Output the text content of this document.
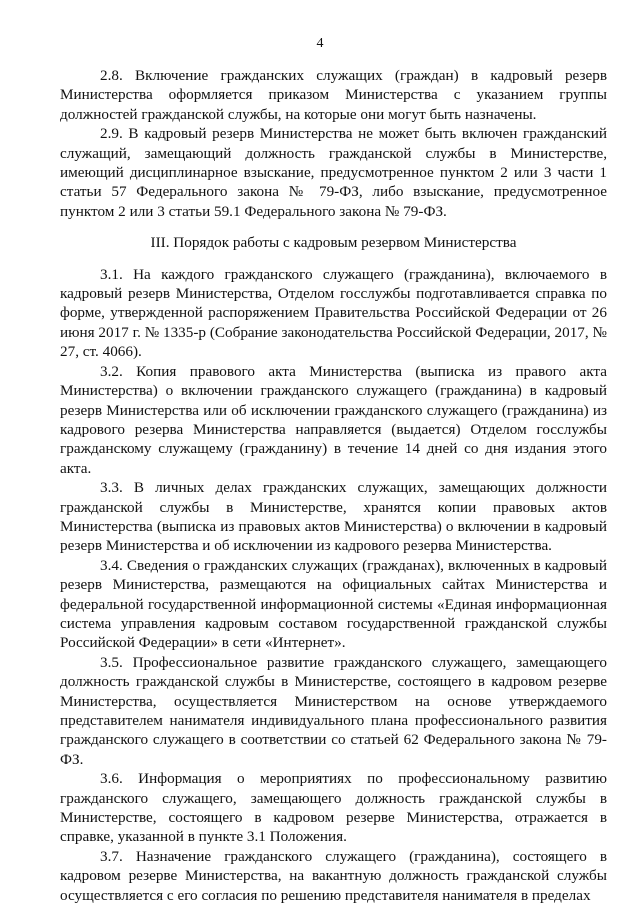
4

2.8. Включение гражданских служащих (граждан) в кадровый резерв Министерства оформляется приказом Министерства с указанием группы должностей гражданской службы, на которые они могут быть назначены.

2.9. В кадровый резерв Министерства не может быть включен гражданский служащий, замещающий должность гражданской службы в Министерстве, имеющий дисциплинарное взыскание, предусмотренное пунктом 2 или 3 части 1 статьи 57 Федерального закона № 79-ФЗ, либо взыскание, предусмотренное пунктом 2 или 3 статьи 59.1 Федерального закона № 79-ФЗ.

III. Порядок работы с кадровым резервом Министерства

3.1. На каждого гражданского служащего (гражданина), включаемого в кадровый резерв Министерства, Отделом госслужбы подготавливается справка по форме, утвержденной распоряжением Правительства Российской Федерации от 26 июня 2017 г. № 1335-р (Собрание законодательства Российской Федерации, 2017, № 27, ст. 4066).

3.2. Копия правового акта Министерства (выписка из правого акта Министерства) о включении гражданского служащего (гражданина) в кадровый резерв Министерства или об исключении гражданского служащего (гражданина) из кадрового резерва Министерства направляется (выдается) Отделом госслужбы гражданскому служащему (гражданину) в течение 14 дней со дня издания этого акта.

3.3. В личных делах гражданских служащих, замещающих должности гражданской службы в Министерстве, хранятся копии правовых актов Министерства (выписка из правовых актов Министерства) о включении в кадровый резерв Министерства и об исключении из кадрового резерва Министерства.

3.4. Сведения о гражданских служащих (гражданах), включенных в кадровый резерв Министерства, размещаются на официальных сайтах Министерства и федеральной государственной информационной системы «Единая информационная система управления кадровым составом государственной гражданской службы Российской Федерации» в сети «Интернет».

3.5. Профессиональное развитие гражданского служащего, замещающего должность гражданской службы в Министерстве, состоящего в кадровом резерве Министерства, осуществляется Министерством на основе утверждаемого представителем нанимателя индивидуального плана профессионального развития гражданского служащего в соответствии со статьей 62 Федерального закона № 79-ФЗ.

3.6. Информация о мероприятиях по профессиональному развитию гражданского служащего, замещающего должность гражданской службы в Министерстве, состоящего в кадровом резерве Министерства, отражается в справке, указанной в пункте 3.1 Положения.

3.7. Назначение гражданского служащего (гражданина), состоящего в кадровом резерве Министерства, на вакантную должность гражданской службы осуществляется с его согласия по решению представителя нанимателя в пределах
